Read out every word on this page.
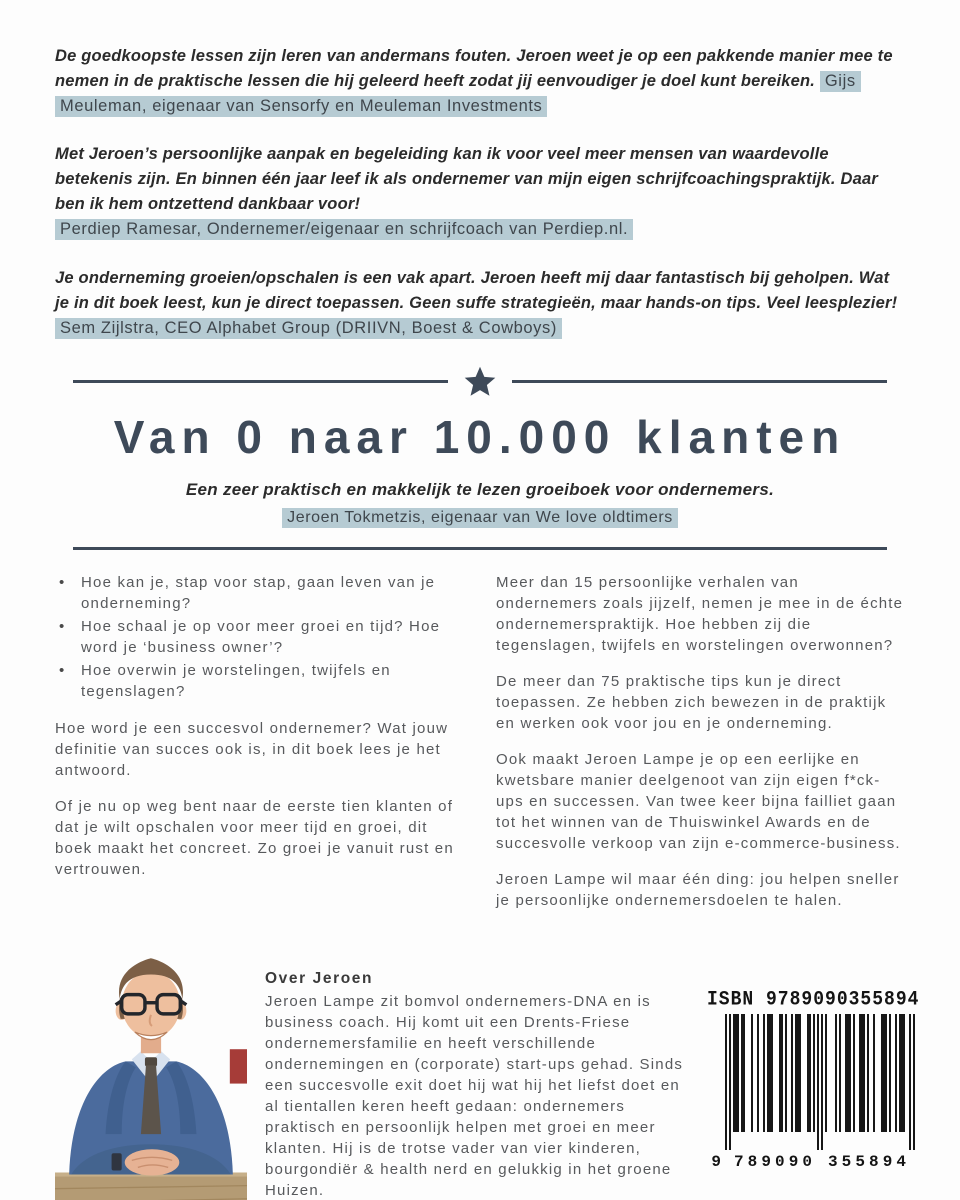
De goedkoopste lessen zijn leren van andermans fouten. Jeroen weet je op een pakkende manier mee te nemen in de praktische lessen die hij geleerd heeft zodat jij eenvoudiger je doel kunt bereiken. Gijs Meuleman, eigenaar van Sensorfy en Meuleman Investments

Met Jeroen’s persoonlijke aanpak en begeleiding kan ik voor veel meer mensen van waardevolle betekenis zijn. En binnen één jaar leef ik als ondernemer van mijn eigen schrijfcoachingspraktijk. Daar ben ik hem ontzettend dankbaar voor!
Perdiep Ramesar, Ondernemer/eigenaar en schrijfcoach van Perdiep.nl.

Je onderneming groeien/opschalen is een vak apart. Jeroen heeft mij daar fantastisch bij geholpen. Wat je in dit boek leest, kun je direct toepassen. Geen suffe strategieën, maar hands-on tips. Veel leesplezier! Sem Zijlstra, CEO Alphabet Group (DRIIVN, Boest & Cowboys)

Van 0 naar 10.000 klanten

Een zeer praktisch en makkelijk te lezen groeiboek voor ondernemers.

Jeroen Tokmetzis, eigenaar van We love oldtimers

• Hoe kan je, stap voor stap, gaan leven van je onderneming?
• Hoe schaal je op voor meer groei en tijd? Hoe word je ‘business owner’?
• Hoe overwin je worstelingen, twijfels en tegenslagen?

Hoe word je een succesvol ondernemer? Wat jouw definitie van succes ook is, in dit boek lees je het antwoord.

Of je nu op weg bent naar de eerste tien klanten of dat je wilt opschalen voor meer tijd en groei, dit boek maakt het concreet. Zo groei je vanuit rust en vertrouwen.

Meer dan 15 persoonlijke verhalen van ondernemers zoals jijzelf, nemen je mee in de échte ondernemerspraktijk. Hoe hebben zij die tegenslagen, twijfels en worstelingen overwonnen?

De meer dan 75 praktische tips kun je direct toepassen. Ze hebben zich bewezen in de praktijk en werken ook voor jou en je onderneming.

Ook maakt Jeroen Lampe je op een eerlijke en kwetsbare manier deelgenoot van zijn eigen f*ck-ups en successen. Van twee keer bijna failliet gaan tot het winnen van de Thuiswinkel Awards en de succesvolle verkoop van zijn e-commerce-business.

Jeroen Lampe wil maar één ding: jou helpen sneller je persoonlijke ondernemersdoelen te halen.

Over Jeroen

Jeroen Lampe zit bomvol ondernemers-DNA en is business coach. Hij komt uit een Drents-Friese ondernemersfamilie en heeft verschillende ondernemingen en (corporate) start-ups gehad. Sinds een succesvolle exit doet hij wat hij het liefst doet en al tientallen keren heeft gedaan: ondernemers praktisch en persoonlijk helpen met groei en meer klanten. Hij is de trotse vader van vier kinderen, bourgondiër & health nerd en gelukkig in het groene Huizen.

ISBN 9789090355894
9 789090 355894
